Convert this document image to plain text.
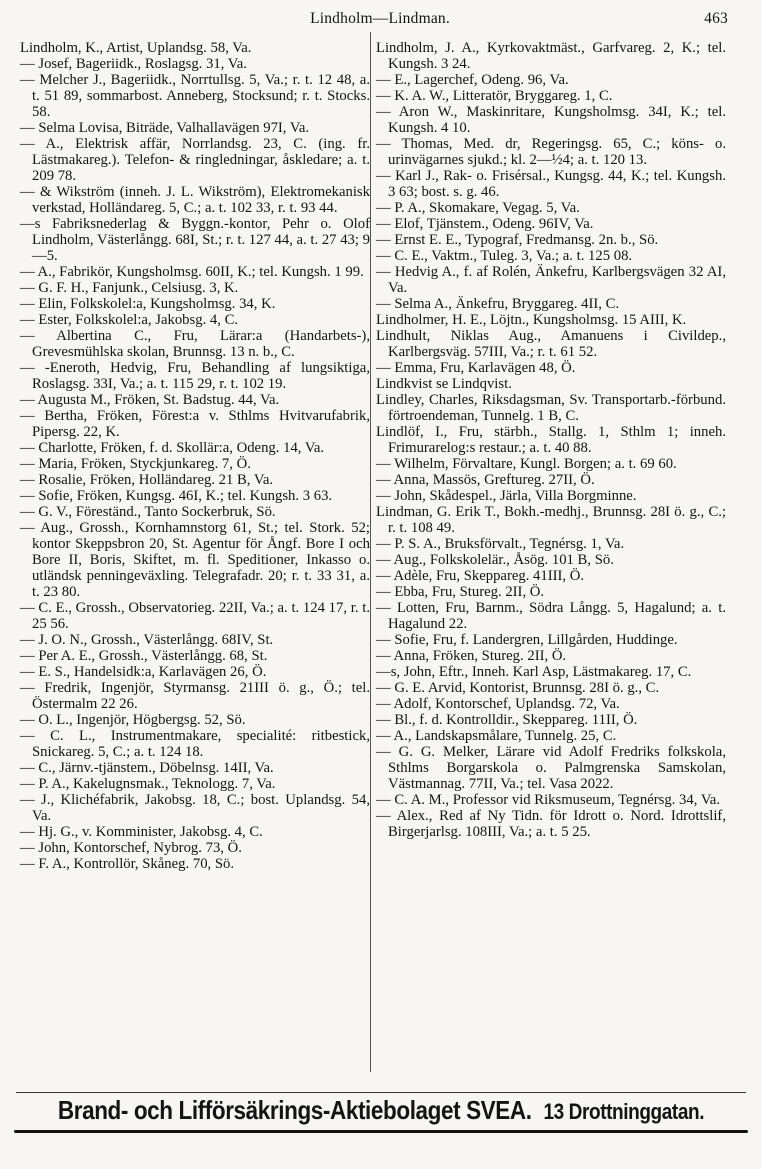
Lindholm—Lindman.	463
Lindholm, K., Artist, Uplandsg. 58, Va.
— Josef, Bageriidk., Roslagsg. 31, Va.
— Melcher J., Bageriidk., Norrtullsg. 5, Va.; r. t. 12 48, a. t. 51 89, sommarbost. Anneberg, Stocksund; r. t. Stocks. 58.
— Selma Lovisa, Biträde, Valhallavägen 97I, Va.
— A., Elektrisk affär, Norrlandsg. 23, C. (ing. fr. Lästmakareg.). Telefon- & ringledningar, åskledare; a. t. 209 78.
— & Wikström (inneh. J. L. Wikström), Elektromekanisk verkstad, Holländareg. 5, C.; a. t. 102 33, r. t. 93 44.
—s Fabriksnederlag & Byggn.-kontor, Pehr o. Olof Lindholm, Västerlångg. 68I, St.; r. t. 127 44, a. t. 27 43; 9—5.
— A., Fabrikör, Kungsholmsg. 60II, K.; tel. Kungsh. 1 99.
— G. F. H., Fanjunk., Celsiusg. 3, K.
— Elin, Folkskolel:a, Kungsholmsg. 34, K.
— Ester, Folkskolel:a, Jakobsg. 4, C.
— Albertina C., Fru, Lärar:a (Handarbets-), Grevesmühlska skolan, Brunnsg. 13 n. b., C.
— -Eneroth, Hedvig, Fru, Behandling af lungsiktiga, Roslagsg. 33I, Va.; a. t. 115 29, r. t. 102 19.
— Augusta M., Fröken, St. Badstug. 44, Va.
— Bertha, Fröken, Förest:a v. Sthlms Hvitvarufabrik, Pipersg. 22, K.
— Charlotte, Fröken, f. d. Skollär:a, Odeng. 14, Va.
— Maria, Fröken, Styckjunkareg. 7, Ö.
— Rosalie, Fröken, Holländareg. 21 B, Va.
— Sofie, Fröken, Kungsg. 46I, K.; tel. Kungsh. 3 63.
— G. V., Föreständ., Tanto Sockerbruk, Sö.
— Aug., Grossh., Kornhamnstorg 61, St.; tel. Stork. 52; kontor Skeppsbron 20, St. Agentur för Ångf. Bore I och Bore II, Boris, Skiftet, m. fl. Speditioner, Inkasso o. utländsk penningeväxling. Telegrafadr. 20; r. t. 33 31, a. t. 23 80.
— C. E., Grossh., Observatorieg. 22II, Va.; a. t. 124 17, r. t. 25 56.
— J. O. N., Grossh., Västerlångg. 68IV, St.
— Per A. E., Grossh., Västerlångg. 68, St.
— E. S., Handelsidk:a, Karlavägen 26, Ö.
— Fredrik, Ingenjör, Styrmansg. 21III ö. g., Ö.; tel. Östermalm 22 26.
— O. L., Ingenjör, Högbergsg. 52, Sö.
— C. L., Instrumentmakare, specialité: ritbestick, Snickareg. 5, C.; a. t. 124 18.
— C., Järnv.-tjänstem., Döbelnsg. 14II, Va.
— P. A., Kakelugnsmak., Teknologg. 7, Va.
— J., Klichéfabrik, Jakobsg. 18, C.; bost. Uplandsg. 54, Va.
— Hj. G., v. Komminister, Jakobsg. 4, C.
— John, Kontorschef, Nybrog. 73, Ö.
— F. A., Kontrollör, Skåneg. 70, Sö.
Lindholm, J. A., Kyrkovaktmäst., Garfvareg. 2, K.; tel. Kungsh. 3 24.
— E., Lagerchef, Odeng. 96, Va.
— K. A. W., Litteratör, Bryggareg. 1, C.
— Aron W., Maskinritare, Kungsholmsg. 34I, K.; tel. Kungsh. 4 10.
— Thomas, Med. dr, Regeringsg. 65, C.; köns- o. urinvägarnes sjukd.; kl. 2—½4; a. t. 120 13.
— Karl J., Rak- o. Frisérsal., Kungsg. 44, K.; tel. Kungsh. 3 63; bost. s. g. 46.
— P. A., Skomakare, Vegag. 5, Va.
— Elof, Tjänstem., Odeng. 96IV, Va.
— Ernst E. E., Typograf, Fredmansg. 2n. b., Sö.
— C. E., Vaktm., Tuleg. 3, Va.; a. t. 125 08.
— Hedvig A., f. af Rolén, Änkefru, Karlbergsvägen 32 AI, Va.
— Selma A., Änkefru, Bryggareg. 4II, C.
Lindholmer, H. E., Löjtn., Kungsholmsg. 15 AIII, K.
Lindhult, Niklas Aug., Amanuens i Civildep., Karlbergsväg. 57III, Va.; r. t. 61 52.
— Emma, Fru, Karlavägen 48, Ö.
Lindkvist se Lindqvist.
Lindley, Charles, Riksdagsman, Sv. Transportarb.-förbund. förtroendeman, Tunnelg. 1 B, C.
Lindlöf, I., Fru, stärbh., Stallg. 1, Sthlm 1; inneh. Frimurarelog:s restaur.; a. t. 40 88.
— Wilhelm, Förvaltare, Kungl. Borgen; a. t. 69 60.
— Anna, Massös, Greftureg. 27II, Ö.
— John, Skådespel., Järla, Villa Borgminne.
Lindman, G. Erik T., Bokh.-medhj., Brunnsg. 28I ö. g., C.; r. t. 108 49.
— P. S. A., Bruksförvalt., Tegnérsg. 1, Va.
— Aug., Folkskolelär., Åsög. 101 B, Sö.
— Adèle, Fru, Skeppareg. 41III, Ö.
— Ebba, Fru, Stureg. 2II, Ö.
— Lotten, Fru, Barnm., Södra Långg. 5, Hagalund; a. t. Hagalund 22.
— Sofie, Fru, f. Landergren, Lillgården, Huddinge.
— Anna, Fröken, Stureg. 2II, Ö.
—s, John, Eftr., Inneh. Karl Asp, Lästmakareg. 17, C.
— G. E. Arvid, Kontorist, Brunnsg. 28I ö. g., C.
— Adolf, Kontorschef, Uplandsg. 72, Va.
— Bl., f. d. Kontrolldir., Skeppareg. 11II, Ö.
— A., Landskapsmålare, Tunnelg. 25, C.
— G. G. Melker, Lärare vid Adolf Fredriks folkskola, Sthlms Borgarskola o. Palmgrenska Samskolan, Västmannag. 77II, Va.; tel. Vasa 2022.
— C. A. M., Professor vid Riksmuseum, Tegnérsg. 34, Va.
— Alex., Red af Ny Tidn. för Idrott o. Nord. Idrottslif, Birgerjarlsg. 108III, Va.; a. t. 5 25.
Brand- och Lifförsäkrings-Aktiebolaget SVEA. 13 Drottninggatan.
